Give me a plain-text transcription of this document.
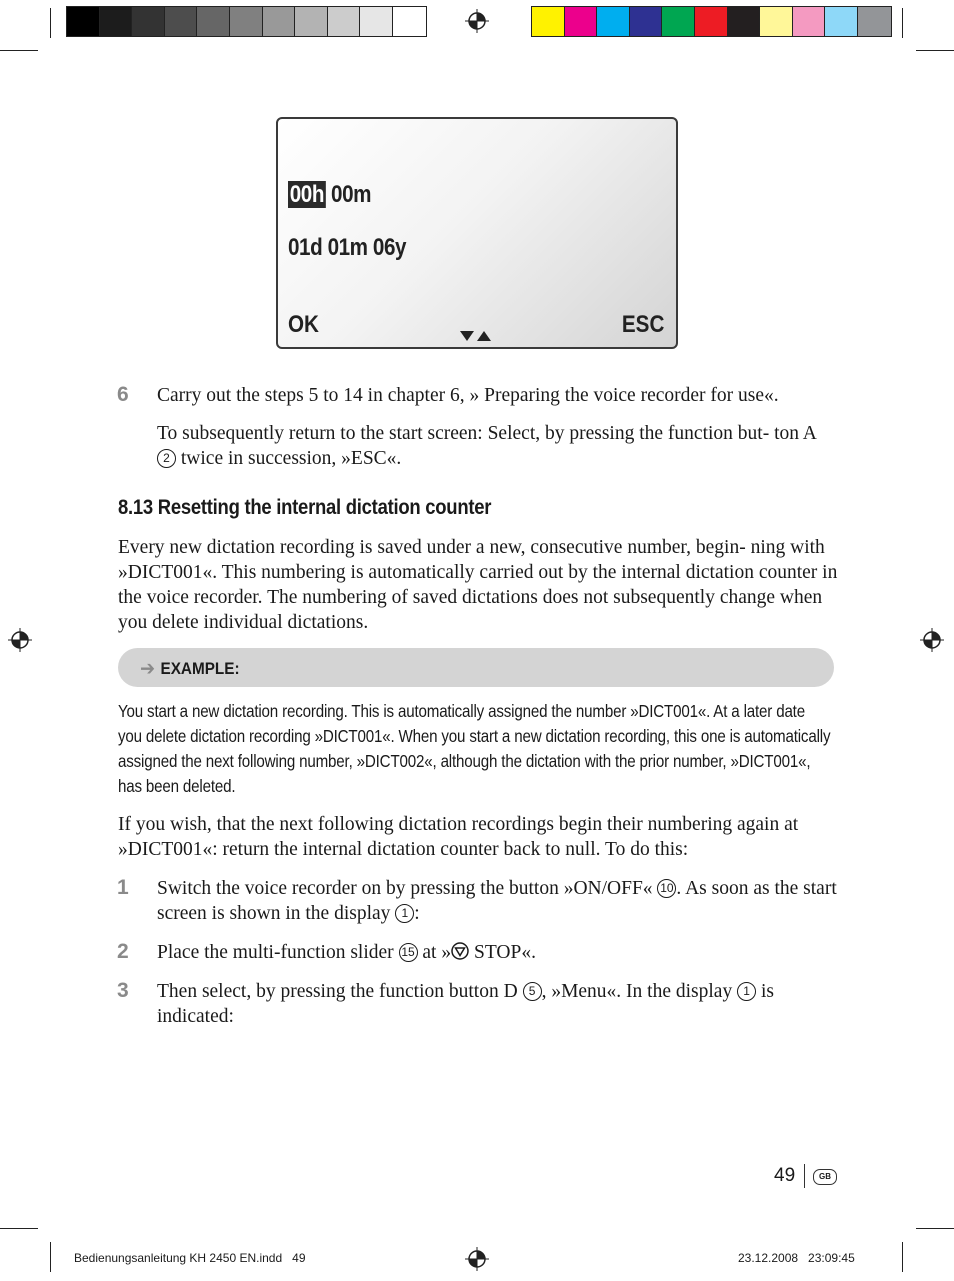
00h 00m
01d 01m 06y
OK	ESC
6 Carry out the steps 5 to 14 in chapter 6, » Preparing the voice recorder for use«.

To subsequently return to the start screen: Select, by pressing the function but- ton A 2 twice in succession, »ESC«.

8.13 Resetting the internal dictation counter

Every new dictation recording is saved under a new, consecutive number, begin- ning with »DICT001«. This numbering is automatically carried out by the internal dictation counter in the voice recorder. The numbering of saved dictations does not subsequently change when you delete individual dictations.

➔ EXAMPLE:

You start a new dictation recording. This is automatically assigned the number »DICT001«. At a later date you delete dictation recording »DICT001«. When you start a new dictation recording, this one is automatically assigned the next following number, »DICT002«, although the dictation with the prior number, »DICT001«, has been deleted.

If you wish, that the next following dictation recordings begin their numbering again at »DICT001«: return the internal dictation counter back to null. To do this:

1 Switch the voice recorder on by pressing the button »ON/OFF« 10 . As soon as the start screen is shown in the display 1 :

2 Place the multi-function slider 15 at » STOP«.

3 Then select, by pressing the function button D 5 , »Menu«. In the display 1 is indicated:

49	GB
Bedienungsanleitung KH 2450 EN.indd   49	23.12.2008   23:09:45
